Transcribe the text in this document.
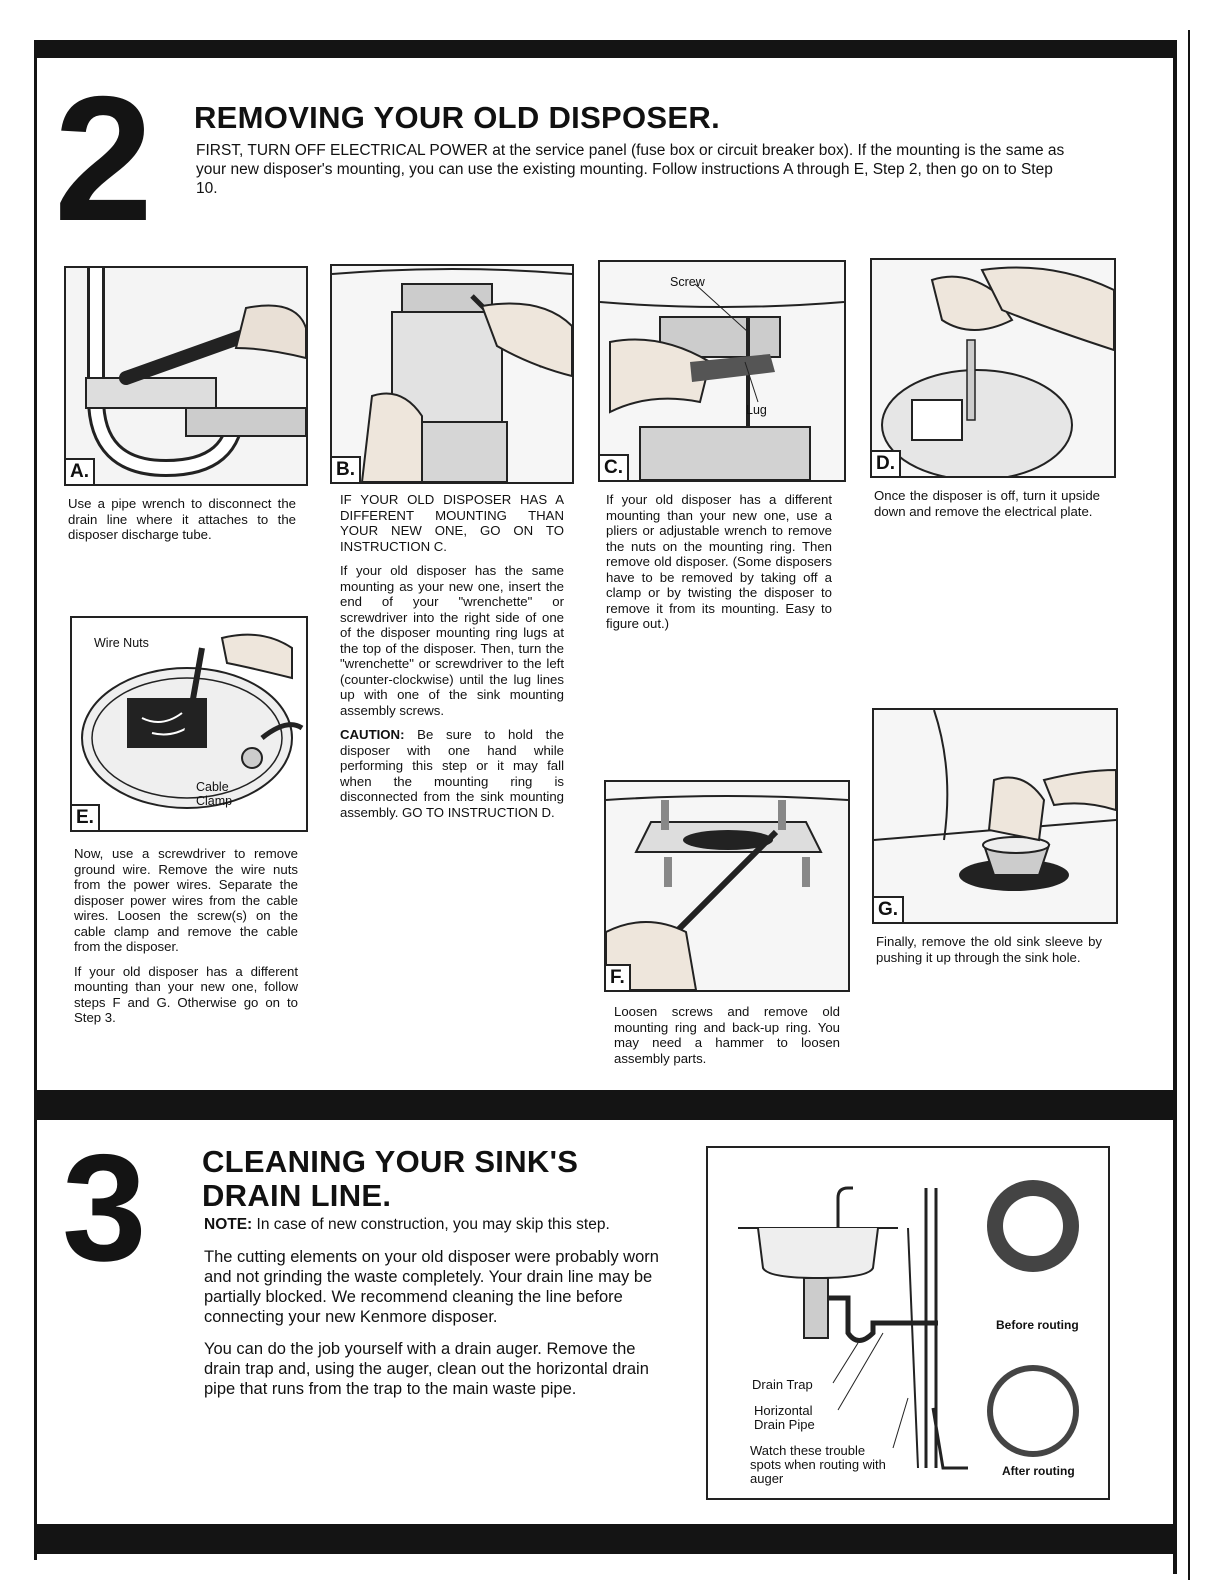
2 REMOVING YOUR OLD DISPOSER.
FIRST, TURN OFF ELECTRICAL POWER at the service panel (fuse box or circuit breaker box). If the mounting is the same as your new disposer's mounting, you can use the existing mounting. Follow instructions A through E, Step 2, then go on to Step 10.
A.
Use a pipe wrench to disconnect the drain line where it attaches to the disposer discharge tube.
B.

IF YOUR OLD DISPOSER HAS A DIFFERENT MOUNTING THAN YOUR NEW ONE, GO ON TO INSTRUCTION C.

If your old disposer has the same mounting as your new one, insert the end of your "wrenchette" or screwdriver into the right side of one of the disposer mounting ring lugs at the top of the disposer. Then, turn the "wrenchette" or screwdriver to the left (counter-clockwise) until the lug lines up with one of the sink mounting assembly screws.

CAUTION: Be sure to hold the disposer with one hand while performing this step or it may fall when the mounting ring is disconnected from the sink mounting assembly. GO TO INSTRUCTION D.

Screw
Lug
C.
If your old disposer has a different mounting than your new one, use a pliers or adjustable wrench to remove the nuts on the mounting ring. Then remove old disposer. (Some disposers have to be removed by taking off a clamp or by twisting the disposer to remove it from its mounting. Easy to figure out.)
D.
Once the disposer is off, turn it upside down and remove the electrical plate.
Wire Nuts
Cable Clamp
E.

Now, use a screwdriver to remove ground wire. Remove the wire nuts from the power wires. Separate the disposer power wires from the cable wires. Loosen the screw(s) on the cable clamp and remove the cable from the disposer.

If your old disposer has a different mounting than your new one, follow steps F and G. Otherwise go on to Step 3.

F.
Loosen screws and remove old mounting ring and back-up ring. You may need a hammer to loosen assembly parts.
G.
Finally, remove the old sink sleeve by pushing it up through the sink hole.
3 CLEANING YOUR SINK'S
DRAIN LINE.

NOTE: In case of new construction, you may skip this step.

The cutting elements on your old disposer were probably worn and not grinding the waste completely. Your drain line may be partially blocked. We recommend cleaning the line before connecting your new Kenmore disposer.

You can do the job yourself with a drain auger. Remove the drain trap and, using the auger, clean out the horizontal drain pipe that runs from the trap to the main waste pipe.	Drain Trap
Horizontal Drain Pipe
Watch these trouble spots when routing with auger
Before routing
After routing
